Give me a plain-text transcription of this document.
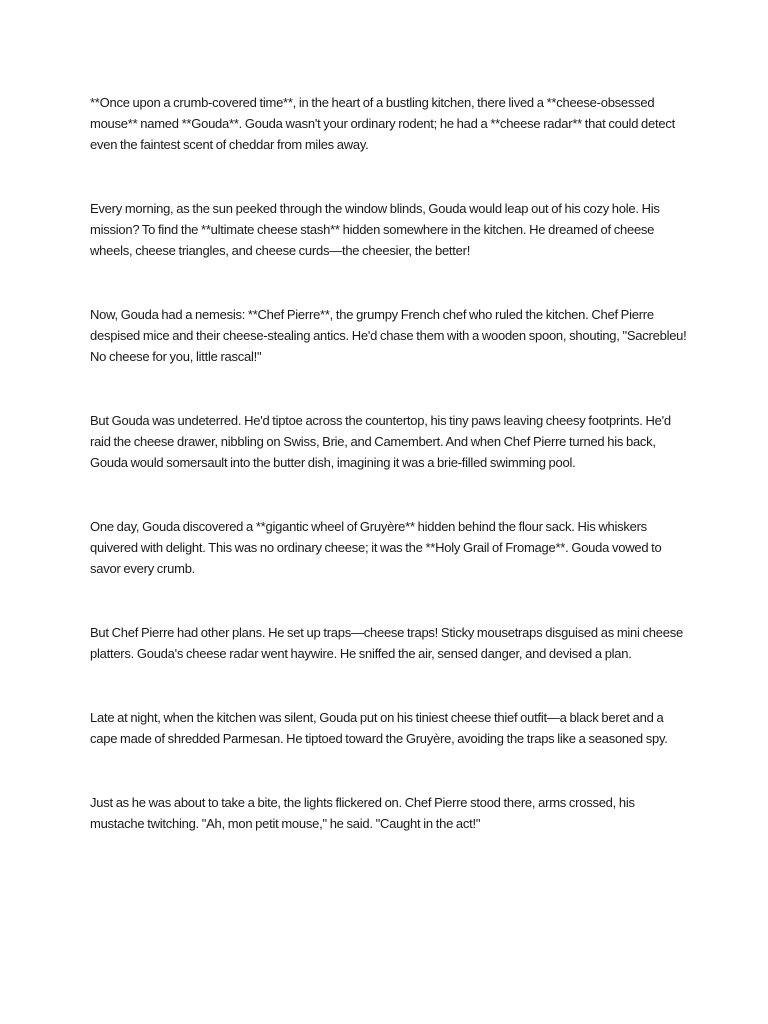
**Once upon a crumb-covered time**, in the heart of a bustling kitchen, there lived a **cheese-obsessed mouse** named **Gouda**. Gouda wasn't your ordinary rodent; he had a **cheese radar** that could detect even the faintest scent of cheddar from miles away.

Every morning, as the sun peeked through the window blinds, Gouda would leap out of his cozy hole. His mission? To find the **ultimate cheese stash** hidden somewhere in the kitchen. He dreamed of cheese wheels, cheese triangles, and cheese curds—the cheesier, the better!

Now, Gouda had a nemesis: **Chef Pierre**, the grumpy French chef who ruled the kitchen. Chef Pierre despised mice and their cheese-stealing antics. He'd chase them with a wooden spoon, shouting, "Sacrebleu! No cheese for you, little rascal!"

But Gouda was undeterred. He'd tiptoe across the countertop, his tiny paws leaving cheesy footprints. He'd raid the cheese drawer, nibbling on Swiss, Brie, and Camembert. And when Chef Pierre turned his back, Gouda would somersault into the butter dish, imagining it was a brie-filled swimming pool.

One day, Gouda discovered a **gigantic wheel of Gruyère** hidden behind the flour sack. His whiskers quivered with delight. This was no ordinary cheese; it was the **Holy Grail of Fromage**. Gouda vowed to savor every crumb.

But Chef Pierre had other plans. He set up traps—cheese traps! Sticky mousetraps disguised as mini cheese platters. Gouda's cheese radar went haywire. He sniffed the air, sensed danger, and devised a plan.

Late at night, when the kitchen was silent, Gouda put on his tiniest cheese thief outfit—a black beret and a cape made of shredded Parmesan. He tiptoed toward the Gruyère, avoiding the traps like a seasoned spy.

Just as he was about to take a bite, the lights flickered on. Chef Pierre stood there, arms crossed, his mustache twitching. "Ah, mon petit mouse," he said. "Caught in the act!"
